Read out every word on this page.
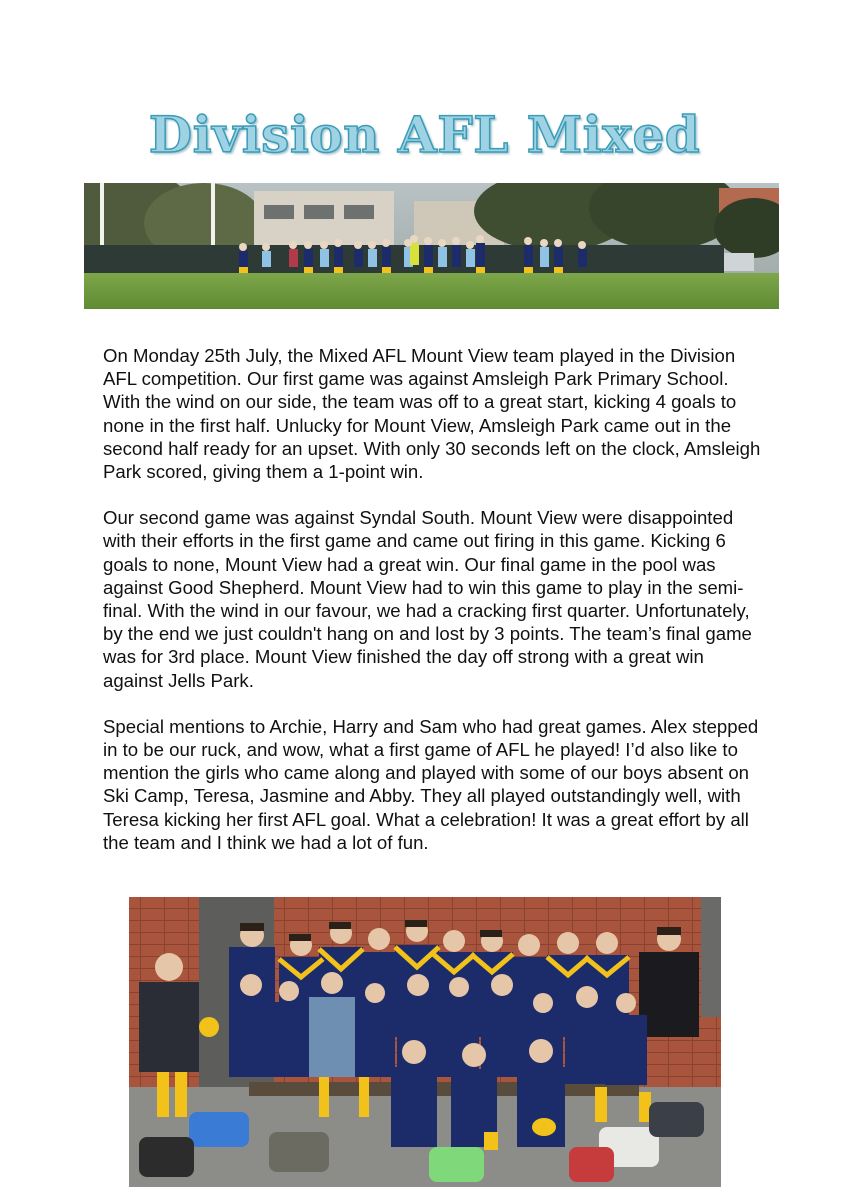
Division AFL Mixed

On Monday 25th July, the Mixed AFL Mount View team played in the Division AFL competition. Our first game was against Amsleigh Park Primary School. With the wind on our side, the team was off to a great start, kicking 4 goals to none in the first half. Unlucky for Mount View, Amsleigh Park came out in the second half ready for an upset. With only 30 seconds left on the clock, Amsleigh Park scored, giving them a 1-point win.

Our second game was against Syndal South. Mount View were disappointed with their efforts in the first game and came out firing in this game. Kicking 6 goals to none, Mount View had a great win. Our final game in the pool was against Good Shepherd. Mount View had to win this game to play in the semi-final. With the wind in our favour, we had a cracking first quarter. Unfortunately, by the end we just couldn't hang on and lost by 3 points. The team’s final game was for 3rd place. Mount View finished the day off strong with a great win against Jells Park.

Special mentions to Archie, Harry and Sam who had great games. Alex stepped in to be our ruck, and wow, what a first game of AFL he played! I’d also like to mention the girls who came along and played with some of our boys absent on Ski Camp, Teresa, Jasmine and Abby. They all played outstandingly well, with Teresa kicking her first AFL goal. What a celebration! It was a great effort by all the team and I think we had a lot of fun.
